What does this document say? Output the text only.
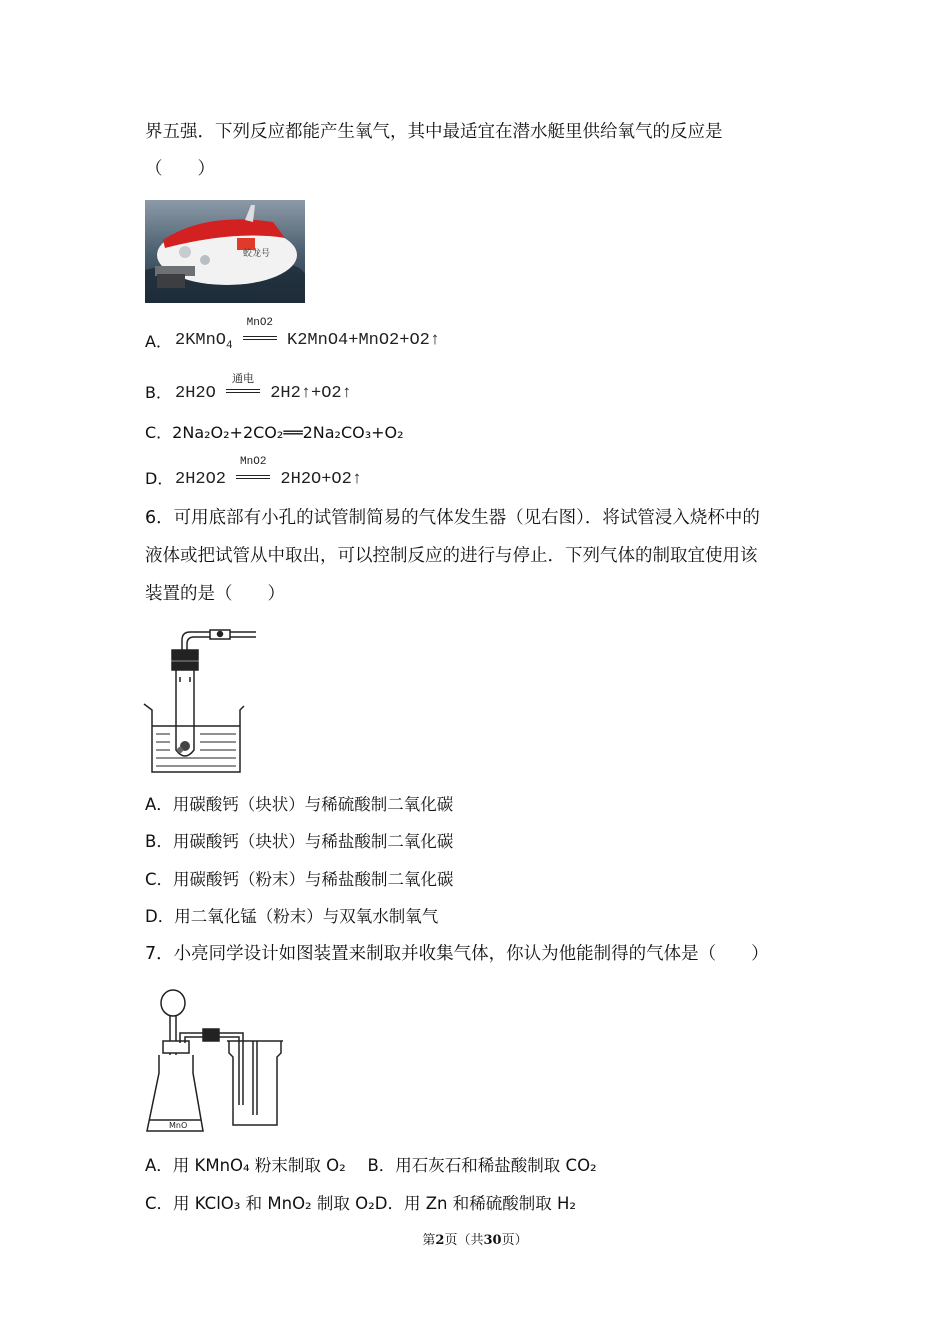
界五强．下列反应都能产生氧气，其中最适宜在潜水艇里供给氧气的反应是
（　　）
蛟龙号
A． 2KMnO$_4$
MnO2
K2MnO4+MnO2+O2↑
B． 2H2O
通电
2H2↑+O2↑
C．2Na₂O₂+2CO₂══2Na₂CO₃+O₂
D． 2H2O2
MnO2
2H2O+O2↑
6．可用底部有小孔的试管制简易的气体发生器（见右图）．将试管浸入烧杯中的
液体或把试管从中取出，可以控制反应的进行与停止．下列气体的制取宜使用该
装置的是（　　）
A．用碳酸钙（块状）与稀硫酸制二氧化碳
B．用碳酸钙（块状）与稀盐酸制二氧化碳
C．用碳酸钙（粉末）与稀盐酸制二氧化碳
D．用二氧化锰（粉末）与双氧水制氧气
7．小亮同学设计如图装置来制取并收集气体，你认为他能制得的气体是（　　）
MnO
A．用 KMnO₄ 粉末制取 O₂　 B．用石灰石和稀盐酸制取 CO₂
C．用 KClO₃ 和 MnO₂ 制取 O₂D．用 Zn 和稀硫酸制取 H₂
第2页（共30页）
